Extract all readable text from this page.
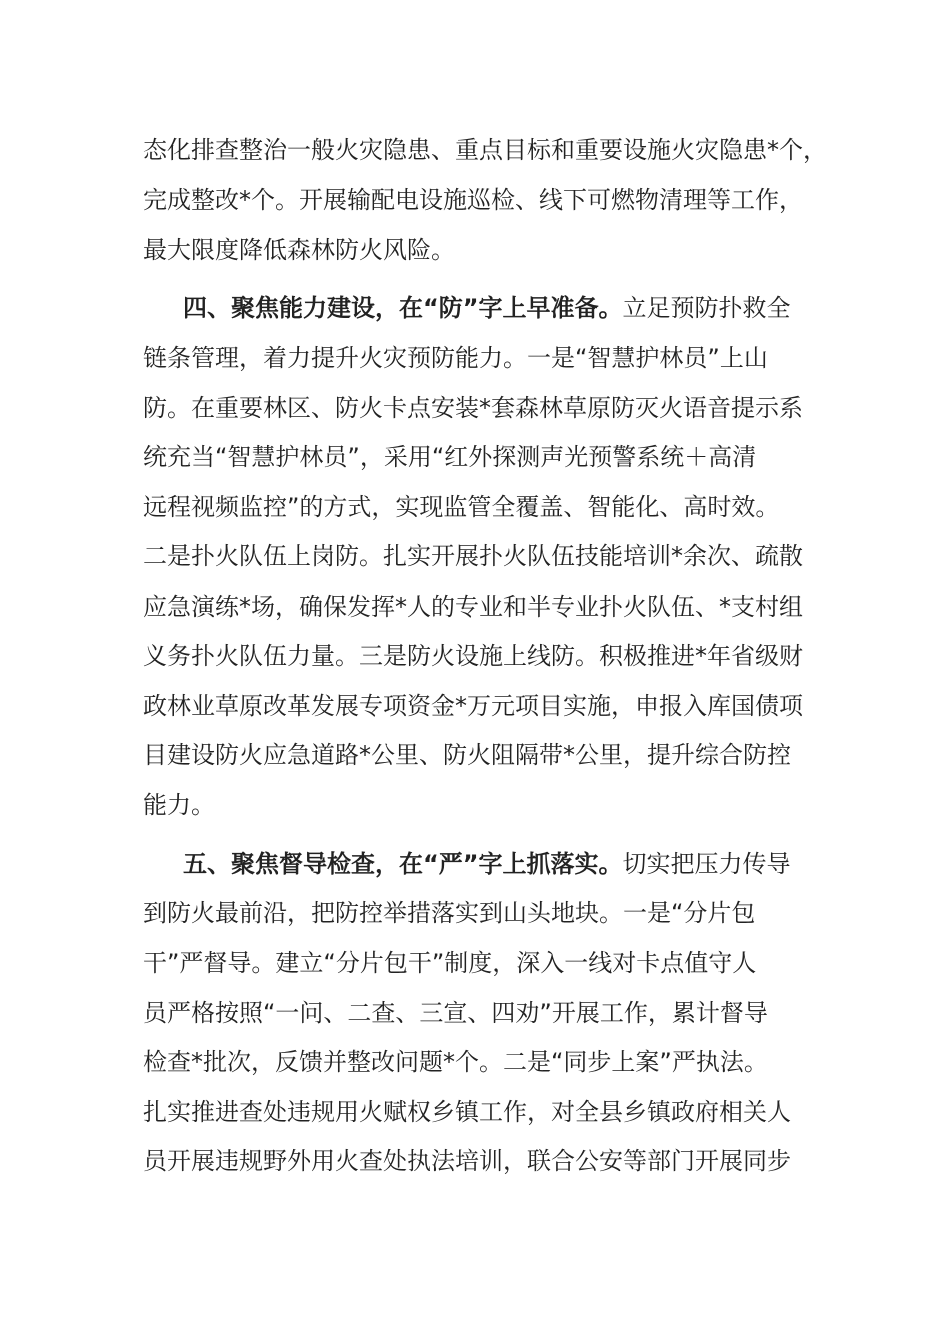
态化排查整治一般火灾隐患、重点目标和重要设施火灾隐患*个，

完成整改*个。开展输配电设施巡检、线下可燃物清理等工作，

最大限度降低森林防火风险。

四、聚焦能力建设，在“防”字上早准备。立足预防扑救全

链条管理，着力提升火灾预防能力。一是“智慧护林员”上山

防。在重要林区、防火卡点安装*套森林草原防灭火语音提示系

统充当“智慧护林员”，采用“红外探测声光预警系统＋高清

远程视频监控”的方式，实现监管全覆盖、智能化、高时效。

二是扑火队伍上岗防。扎实开展扑火队伍技能培训*余次、疏散

应急演练*场，确保发挥*人的专业和半专业扑火队伍、*支村组

义务扑火队伍力量。三是防火设施上线防。积极推进*年省级财

政林业草原改革发展专项资金*万元项目实施，申报入库国债项

目建设防火应急道路*公里、防火阻隔带*公里，提升综合防控

能力。

五、聚焦督导检查，在“严”字上抓落实。切实把压力传导

到防火最前沿，把防控举措落实到山头地块。一是“分片包

干”严督导。建立“分片包干”制度，深入一线对卡点值守人

员严格按照“一问、二查、三宣、四劝”开展工作，累计督导

检查*批次，反馈并整改问题*个。二是“同步上案”严执法。

扎实推进查处违规用火赋权乡镇工作，对全县乡镇政府相关人

员开展违规野外用火查处执法培训，联合公安等部门开展同步
